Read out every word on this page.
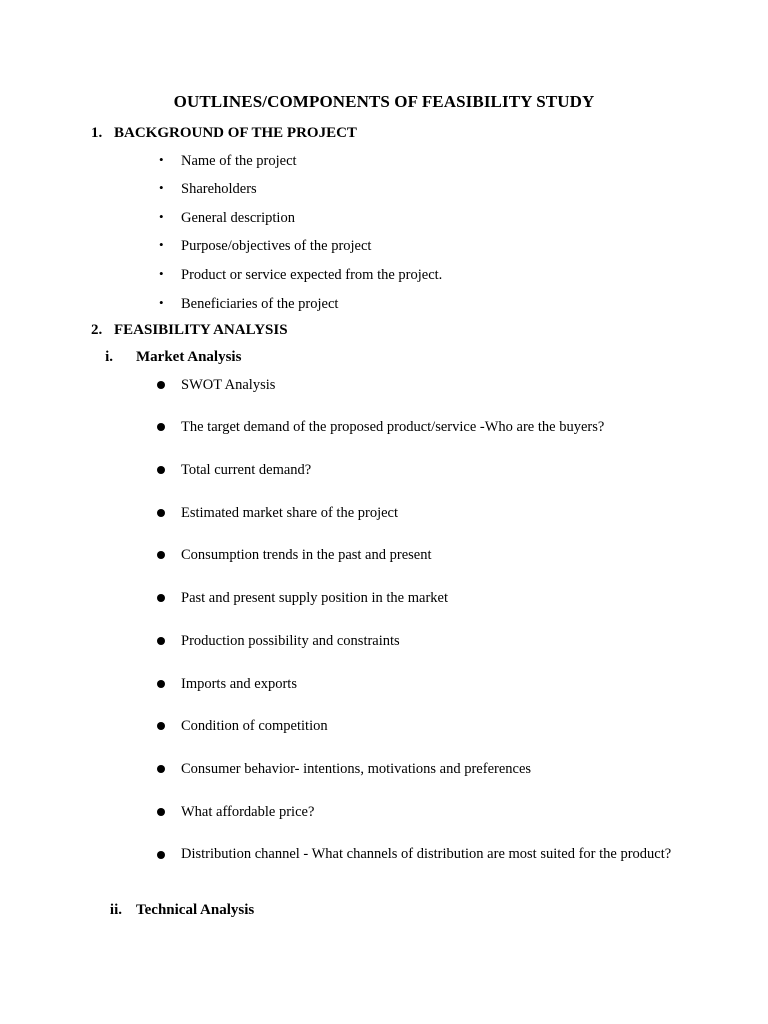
OUTLINES/COMPONENTS OF FEASIBILITY STUDY
1. BACKGROUND OF THE PROJECT
• Name of the project
• Shareholders
• General description
• Purpose/objectives of the project
• Product or service expected from the project.
• Beneficiaries of the project
2. FEASIBILITY ANALYSIS
i. Market Analysis
SWOT Analysis
The target demand of the proposed product/service -Who are the buyers?
Total current demand?
Estimated market share of the project
Consumption trends in the past and present
Past and present supply position in the market
Production possibility and constraints
Imports and exports
Condition of competition
Consumer behavior- intentions, motivations and preferences
What affordable price?
Distribution channel - What channels of distribution are most suited for the product?
ii. Technical Analysis
